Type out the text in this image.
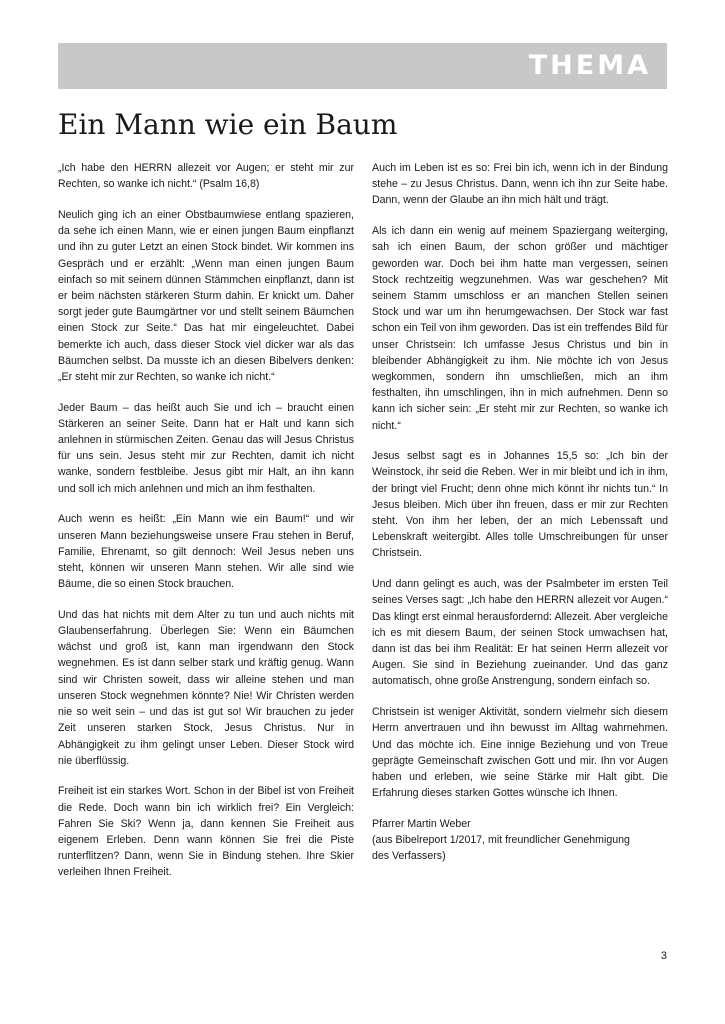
THEMA
Ein Mann wie ein Baum

„Ich habe den HERRN allezeit vor Augen; er steht mir zur Rechten, so wanke ich nicht.“ (Psalm 16,8)

Neulich ging ich an einer Obstbaumwiese entlang spazieren, da sehe ich einen Mann, wie er einen jungen Baum einpflanzt und ihn zu guter Letzt an einen Stock bindet. Wir kommen ins Gespräch und er erzählt: „Wenn man einen jungen Baum einfach so mit seinem dünnen Stämmchen einpflanzt, dann ist er beim nächsten stärkeren Sturm dahin. Er knickt um. Daher sorgt jeder gute Baumgärtner vor und stellt seinem Bäumchen einen Stock zur Seite.“ Das hat mir eingeleuchtet. Dabei bemerkte ich auch, dass dieser Stock viel dicker war als das Bäumchen selbst. Da musste ich an diesen Bibelvers denken: „Er steht mir zur Rechten, so wanke ich nicht.“

Jeder Baum – das heißt auch Sie und ich – braucht einen Stärkeren an seiner Seite. Dann hat er Halt und kann sich anlehnen in stürmischen Zeiten. Genau das will Jesus Christus für uns sein. Jesus steht mir zur Rechten, damit ich nicht wanke, sondern festbleibe. Jesus gibt mir Halt, an ihn kann und soll ich mich anlehnen und mich an ihm festhalten.

Auch wenn es heißt: „Ein Mann wie ein Baum!“ und wir unseren Mann beziehungsweise unsere Frau stehen in Beruf, Familie, Ehrenamt, so gilt dennoch: Weil Jesus neben uns steht, können wir unseren Mann stehen. Wir alle sind wie Bäume, die so einen Stock brauchen.

Und das hat nichts mit dem Alter zu tun und auch nichts mit Glaubenserfahrung. Überlegen Sie: Wenn ein Bäumchen wächst und groß ist, kann man irgendwann den Stock wegnehmen. Es ist dann selber stark und kräftig genug. Wann sind wir Christen soweit, dass wir alleine stehen und man unseren Stock wegnehmen könnte? Nie! Wir Christen werden nie so weit sein – und das ist gut so! Wir brauchen zu jeder Zeit unseren starken Stock, Jesus Christus. Nur in Abhängigkeit zu ihm gelingt unser Leben. Dieser Stock wird nie überflüssig.

Freiheit ist ein starkes Wort. Schon in der Bibel ist von Freiheit die Rede. Doch wann bin ich wirklich frei? Ein Vergleich: Fahren Sie Ski? Wenn ja, dann kennen Sie Freiheit aus eigenem Erleben. Denn wann können Sie frei die Piste runterflitzen? Dann, wenn Sie in Bindung stehen. Ihre Skier verleihen Ihnen Freiheit.

Auch im Leben ist es so: Frei bin ich, wenn ich in der Bindung stehe – zu Jesus Christus. Dann, wenn ich ihn zur Seite habe. Dann, wenn der Glaube an ihn mich hält und trägt.

Als ich dann ein wenig auf meinem Spaziergang weiterging, sah ich einen Baum, der schon größer und mächtiger geworden war. Doch bei ihm hatte man vergessen, seinen Stock rechtzeitig wegzunehmen. Was war geschehen? Mit seinem Stamm umschloss er an manchen Stellen seinen Stock und war um ihn herumgewachsen. Der Stock war fast schon ein Teil von ihm geworden. Das ist ein treffendes Bild für unser Christsein: Ich umfasse Jesus Christus und bin in bleibender Abhängigkeit zu ihm. Nie möchte ich von Jesus wegkommen, sondern ihn umschließen, mich an ihm festhalten, ihn umschlingen, ihn in mich aufnehmen. Denn so kann ich sicher sein: „Er steht mir zur Rechten, so wanke ich nicht.“

Jesus selbst sagt es in Johannes 15,5 so: „Ich bin der Weinstock, ihr seid die Reben. Wer in mir bleibt und ich in ihm, der bringt viel Frucht; denn ohne mich könnt ihr nichts tun.“ In Jesus bleiben. Mich über ihn freuen, dass er mir zur Rechten steht. Von ihm her leben, der an mich Lebenssaft und Lebenskraft weitergibt. Alles tolle Umschreibungen für unser Christsein.

Und dann gelingt es auch, was der Psalmbeter im ersten Teil seines Verses sagt: „Ich habe den HERRN allezeit vor Augen.“ Das klingt erst einmal herausfordernd: Allezeit. Aber vergleiche ich es mit diesem Baum, der seinen Stock umwachsen hat, dann ist das bei ihm Realität: Er hat seinen Herrn allezeit vor Augen. Sie sind in Beziehung zueinander. Und das ganz automatisch, ohne große Anstrengung, sondern einfach so.

Christsein ist weniger Aktivität, sondern vielmehr sich diesem Herrn anvertrauen und ihn bewusst im Alltag wahrnehmen. Und das möchte ich. Eine innige Beziehung und von Treue geprägte Gemeinschaft zwischen Gott und mir. Ihn vor Augen haben und erleben, wie seine Stärke mir Halt gibt. Die Erfahrung dieses starken Gottes wünsche ich Ihnen.

Pfarrer Martin Weber

(aus Bibelreport 1/2017, mit freundlicher Genehmigung

des Verfassers)

3
